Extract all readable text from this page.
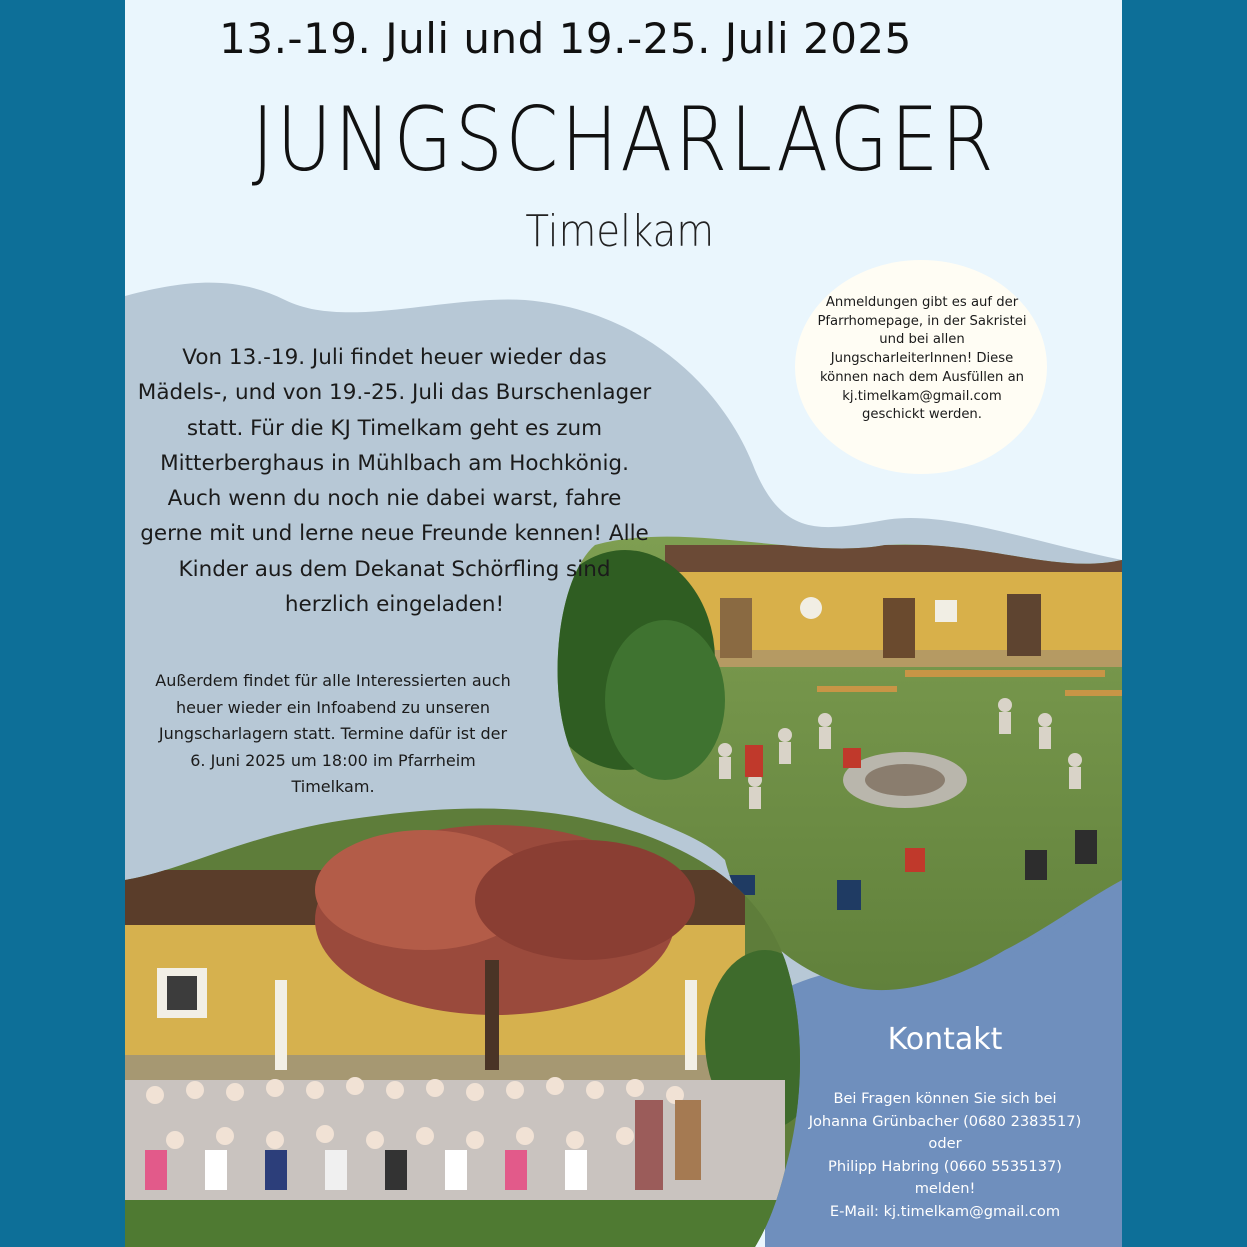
13.-19. Juli und 19.-25. Juli 2025
JUNGSCHARLAGER
Timelkam
Von 13.-19. Juli findet heuer wieder das Mädels-, und von 19.-25. Juli das Burschenlager statt. Für die KJ Timelkam geht es zum Mitterberghaus in Mühlbach am Hochkönig. Auch wenn du noch nie dabei warst, fahre gerne mit und lerne neue Freunde kennen! Alle Kinder aus dem Dekanat Schörfling sind herzlich eingeladen!
Außerdem findet für alle Interessierten auch heuer wieder ein Infoabend zu unseren Jungscharlagern statt. Termine dafür ist der 6. Juni 2025 um 18:00 im Pfarrheim Timelkam.
Anmeldungen gibt es auf der Pfarrhomepage, in der Sakristei und bei allen JungscharleiterInnen! Diese können nach dem Ausfüllen an kj.timelkam@gmail.com geschickt werden.
Kontakt
Bei Fragen können Sie sich bei
Johanna Grünbacher (0680 2383517)
oder
Philipp Habring (0660 5535137)
melden!
E-Mail: kj.timelkam@gmail.com
